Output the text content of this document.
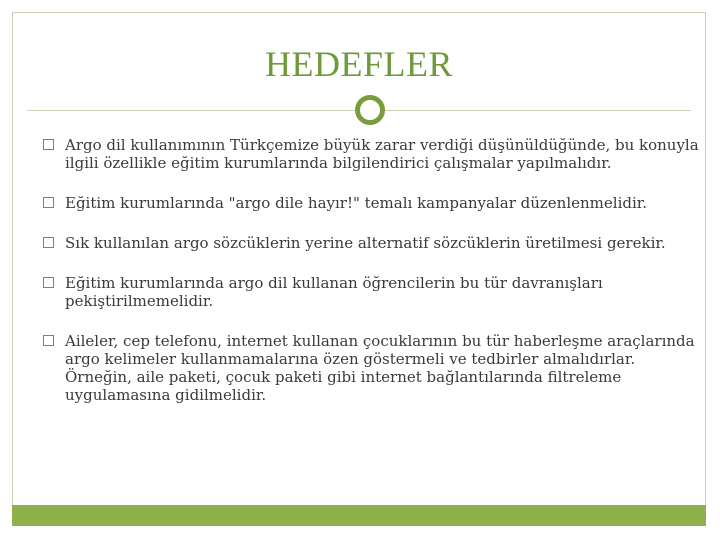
HEDEFLER
Argo dil kullanımının Türkçemize büyük zarar verdiği düşünüldüğünde, bu konuyla ilgili özellikle eğitim kurumlarında bilgilendirici çalışmalar yapılmalıdır.
Eğitim kurumlarında "argo dile hayır!" temalı kampanyalar düzenlenmelidir.
Sık kullanılan argo sözcüklerin yerine alternatif sözcüklerin üretilmesi gerekir.
Eğitim kurumlarında argo dil kullanan öğrencilerin bu tür davranışları pekiştirilmemelidir.
Aileler, cep telefonu, internet kullanan çocuklarının bu tür haberleşme araçlarında argo kelimeler kullanmamalarına özen göstermeli ve tedbirler almalıdırlar. Örneğin, aile paketi, çocuk paketi gibi internet bağlantılarında filtreleme uygulamasına gidilmelidir.
